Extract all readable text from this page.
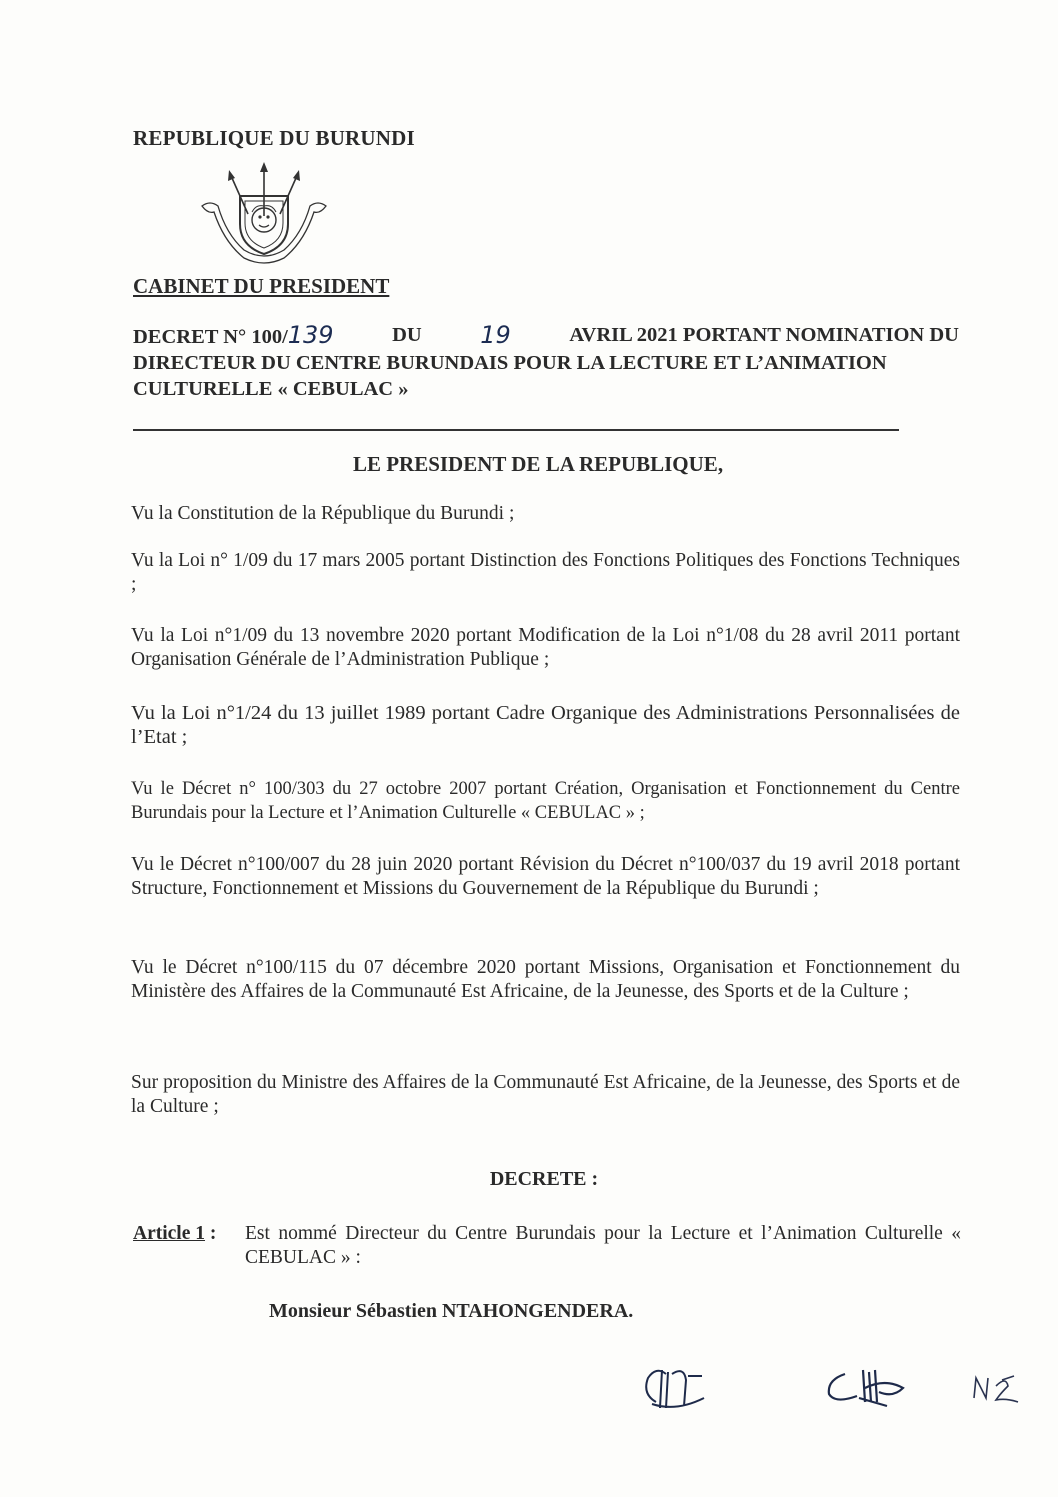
REPUBLIQUE DU BURUNDI
CABINET DU PRESIDENT
DECRET N° 100/139	DU 19	AVRIL 2021 PORTANT NOMINATION DU
DIRECTEUR DU CENTRE BURUNDAIS POUR LA LECTURE ET L’ANIMATION
CULTURELLE « CEBULAC »
LE PRESIDENT DE LA REPUBLIQUE,
Vu la Constitution de la République du Burundi ;
Vu la Loi n° 1/09 du 17 mars 2005 portant Distinction des Fonctions Politiques des Fonctions Techniques ;
Vu la Loi n°1/09 du 13 novembre 2020 portant Modification de la Loi n°1/08 du 28 avril 2011 portant Organisation Générale de l’Administration Publique ;
Vu la Loi n°1/24 du 13 juillet 1989 portant Cadre Organique des Administrations Personnalisées de l’Etat ;
Vu le Décret n° 100/303 du 27 octobre 2007 portant Création, Organisation et Fonctionnement du Centre Burundais pour la Lecture et l’Animation Culturelle « CEBULAC » ;
Vu le Décret n°100/007 du 28 juin 2020 portant Révision du Décret n°100/037 du 19 avril 2018 portant Structure, Fonctionnement et Missions du Gouvernement de la République du Burundi ;
Vu le Décret n°100/115 du 07 décembre 2020 portant Missions, Organisation et Fonctionnement du Ministère des Affaires de la Communauté Est Africaine, de la Jeunesse, des Sports et de la Culture ;
Sur proposition du Ministre des Affaires de la Communauté Est Africaine, de la Jeunesse, des Sports et de la Culture ;
DECRETE :
Article 1 : Est nommé Directeur du Centre Burundais pour la Lecture et l’Animation Culturelle « CEBULAC » :
Monsieur Sébastien NTAHONGENDERA.
